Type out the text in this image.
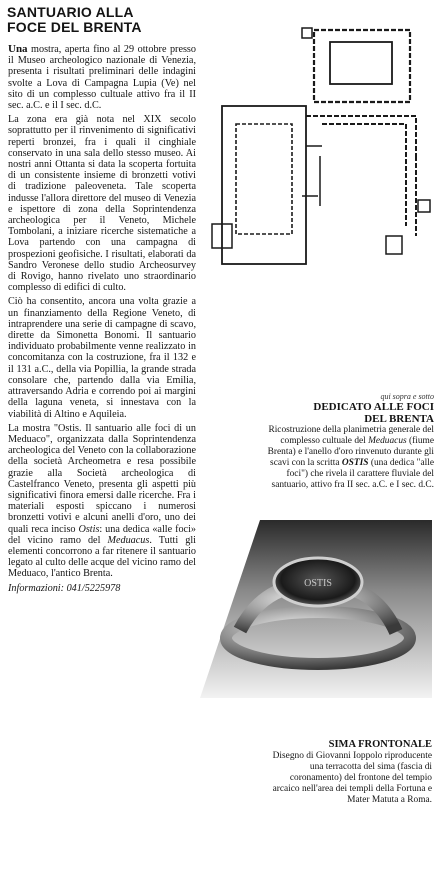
SANTUARIO ALLA
FOCE DEL BRENTA

Una mostra, aperta fino al 29 ottobre presso il Museo archeologico nazionale di Venezia, presenta i risultati preliminari delle indagini svolte a Lova di Campagna Lupia (Ve) nel sito di un complesso cultuale attivo fra il II sec. a.C. e il I sec. d.C.

La zona era già nota nel XIX secolo soprattutto per il rinvenimento di significativi reperti bronzei, fra i quali il cinghiale conservato in una sala dello stesso museo. Ai nostri anni Ottanta si data la scoperta fortuita di un consistente insieme di bronzetti votivi di tradizione paleoveneta. Tale scoperta indusse l'allora direttore del museo di Venezia e ispettore di zona della Soprintendenza archeologica per il Veneto, Michele Tombolani, a iniziare ricerche sistematiche a Lova partendo con una campagna di prospezioni geofisiche. I risultati, elaborati da Sandro Veronese dello studio Archeosurvey di Rovigo, hanno rivelato uno straordinario complesso di edifici di culto.

Ciò ha consentito, ancora una volta grazie a un finanziamento della Regione Veneto, di intraprendere una serie di campagne di scavo, dirette da Simonetta Bonomi. Il santuario individuato probabilmente venne realizzato in concomitanza con la costruzione, fra il 132 e il 131 a.C., della via Popillia, la grande strada consolare che, partendo dalla via Emilia, attraversando Adria e correndo poi ai margini della laguna veneta, si innestava con la viabilità di Altino e Aquileia.

La mostra "Ostis. Il santuario alle foci di un Meduaco", organizzata dalla Soprintendenza archeologica del Veneto con la collaborazione della società Archeometra e resa possibile grazie alla Società archeologica di Castelfranco Veneto, presenta gli aspetti più significativi finora emersi dalle ricerche. Fra i materiali esposti spiccano i numerosi bronzetti votivi e alcuni anelli d'oro, uno dei quali reca inciso Ostis: una dedica «alle foci» del vicino ramo del Meduacus. Tutti gli elementi concorrono a far ritenere il santuario legato al culto delle acque del vicino ramo del Meduaco, l'antico Brenta.

Informazioni: 041/5225978

qui sopra e sotto
DEDICATO ALLE FOCI
DEL BRENTA
Ricostruzione della planimetria generale del complesso cultuale del Meduacus (fiume Brenta) e l'anello d'oro rinvenuto durante gli scavi con la scritta OSTIS (una dedica "alle foci") che rivela il carattere fluviale del santuario, attivo fra II sec. a.C. e I sec. d.C.
OSTIS
SIMA FRONTONALE
Disegno di Giovanni Ioppolo riproducente una terracotta del sima (fascia di coronamento) del frontone del tempio arcaico nell'area dei templi della Fortuna e Mater Matuta a Roma.
